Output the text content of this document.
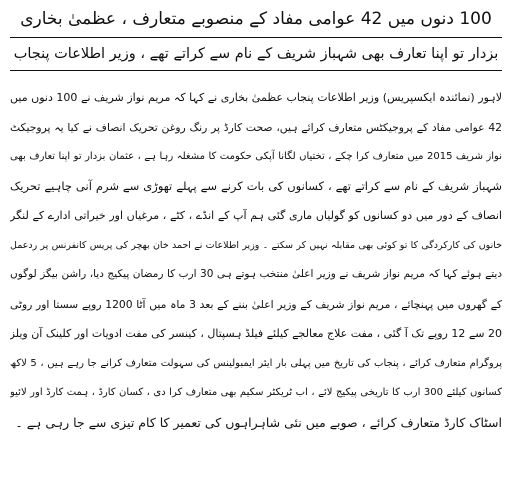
100 دنوں میں 42 عوامی مفاد کے منصوبے متعارف ، عظمیٰ بخاری
بزدار تو اپنا تعارف بھی شہباز شریف کے نام سے کراتے تھے ، وزیر اطلاعات پنجاب
لاہور (نمائندہ ایکسپریس) وزیر اطلاعات پنجاب عظمیٰ بخاری نے کہا کہ مریم نواز شریف نے 100 دنوں میں
42 عوامی مفاد کے پروجیکٹس متعارف کرائے ہیں، صحت کارڈ پر رنگ روغن تحریک انصاف نے کیا یہ پروجیکٹ
نواز شریف 2015 میں متعارف کرا چکے ، تختیاں لگانا آپکی حکومت کا مشغلہ رہا ہے ، عثمان بزدار تو اپنا تعارف بھی
شہباز شریف کے نام سے کراتے تھے ، کسانوں کی بات کرنے سے پہلے تھوڑی سے شرم آنی چاہیے تحریک
انصاف کے دور میں دو کسانوں کو گولیاں ماری گئی ہم آپ کے انڈے ، کٹے ، مرغیاں اور خیراتی ادارے کے لنگر
خانوں کی کارکردگی کا تو کوئی بھی مقابلہ نہیں کر سکتے ۔ وزیر اطلاعات نے احمد خان بھچر کی پریس کانفرنس پر ردعمل
دیتے ہوئے کہا کہ مریم نواز شریف نے وزیر اعلیٰ منتخب ہوتے ہی 30 ارب کا رمضان پیکیج دیا، راشن بیگز لوگوں
کے گھروں میں پہنچائے ، مریم نواز شریف کے وزیر اعلیٰ بننے کے بعد 3 ماہ میں آٹا 1200 روپے سستا اور روٹی
20 سے 12 روپے تک آ گئی ، مفت علاج معالجے کیلئے فیلڈ ہسپتال ، کینسر کی مفت ادویات اور کلینک آن ویلز
پروگرام متعارف کرائے ، پنجاب کی تاریخ میں پہلی بار ایئر ایمبولینس کی سہولت متعارف کرانے جا رہے ہیں ، 5 لاکھ
کسانوں کیلئے 300 ارب کا تاریخی پیکیج لائے ، اب ٹریکٹر سکیم بھی متعارف کرا دی ، کسان کارڈ ، ہمت کارڈ اور لائیو
اسٹاک کارڈ متعارف کرائے ، صوبے میں نئی شاہراہوں کی تعمیر کا کام تیزی سے جا رہی ہے ۔
